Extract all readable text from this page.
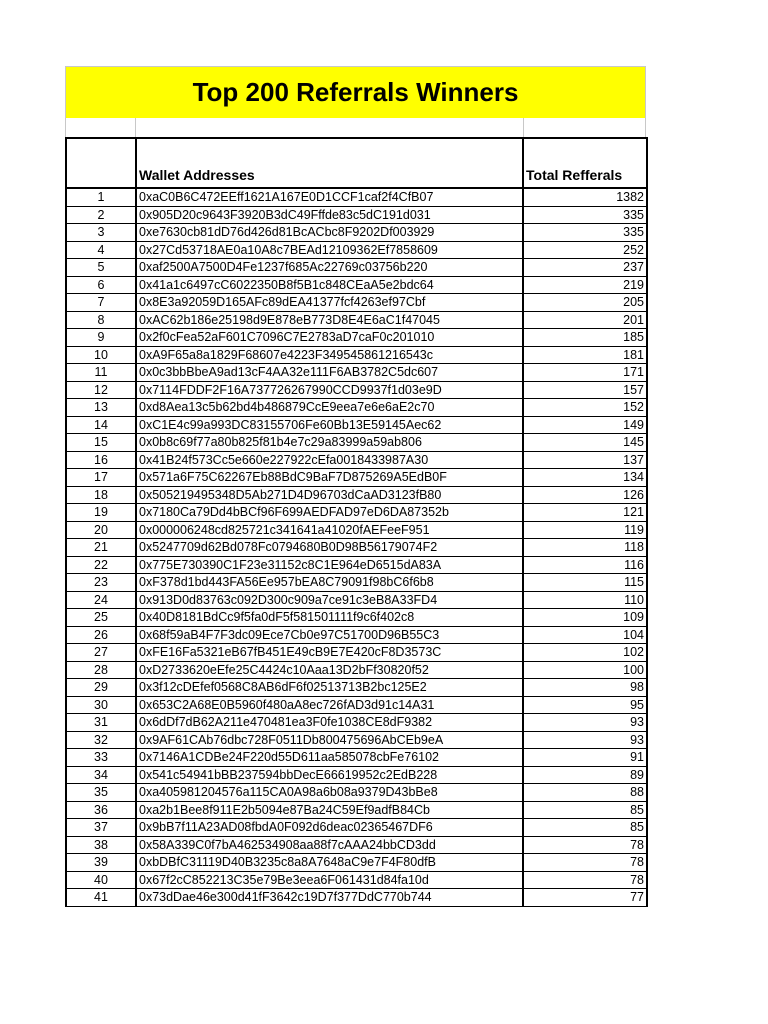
Top 200 Referrals Winners
	Wallet Addresses	Total Refferals
1	0xaC0B6C472EEff1621A167E0D1CCF1caf2f4CfB07	1382
2	0x905D20c9643F3920B3dC49Fffde83c5dC191d031	335
3	0xe7630cb81dD76d426d81BcACbc8F9202Df003929	335
4	0x27Cd53718AE0a10A8c7BEAd12109362Ef7858609	252
5	0xaf2500A7500D4Fe1237f685Ac22769c03756b220	237
6	0x41a1c6497cC6022350B8f5B1c848CEaA5e2bdc64	219
7	0x8E3a92059D165AFc89dEA41377fcf4263ef97Cbf	205
8	0xAC62b186e25198d9E878eB773D8E4E6aC1f47045	201
9	0x2f0cFea52aF601C7096C7E2783aD7caF0c201010	185
10	0xA9F65a8a1829F68607e4223F349545861216543c	181
11	0x0c3bbBbeA9ad13cF4AA32e111F6AB3782C5dc607	171
12	0x7114FDDF2F16A737726267990CCD9937f1d03e9D	157
13	0xd8Aea13c5b62bd4b486879CcE9eea7e6e6aE2c70	152
14	0xC1E4c99a993DC83155706Fe60Bb13E59145Aec62	149
15	0x0b8c69f77a80b825f81b4e7c29a83999a59ab806	145
16	0x41B24f573Cc5e660e227922cEfa0018433987A30	137
17	0x571a6F75C62267Eb88BdC9BaF7D875269A5EdB0F	134
18	0x505219495348D5Ab271D4D96703dCaAD3123fB80	126
19	0x7180Ca79Dd4bBCf96F699AEDFAD97eD6DA87352b	121
20	0x000006248cd825721c341641a41020fAEFeeF951	119
21	0x5247709d62Bd078Fc0794680B0D98B56179074F2	118
22	0x775E730390C1F23e31152c8C1E964eD6515dA83A	116
23	0xF378d1bd443FA56Ee957bEA8C79091f98bC6f6b8	115
24	0x913D0d83763c092D300c909a7ce91c3eB8A33FD4	110
25	0x40D8181BdCc9f5fa0dF5f581501111f9c6f402c8	109
26	0x68f59aB4F7F3dc09Ece7Cb0e97C51700D96B55C3	104
27	0xFE16Fa5321eB67fB451E49cB9E7E420cF8D3573C	102
28	0xD2733620eEfe25C4424c10Aaa13D2bFf30820f52	100
29	0x3f12cDEfef0568C8AB6dF6f02513713B2bc125E2	98
30	0x653C2A68E0B5960f480aA8ec726fAD3d91c14A31	95
31	0x6dDf7dB62A211e470481ea3F0fe1038CE8dF9382	93
32	0x9AF61CAb76dbc728F0511Db800475696AbCEb9eA	93
33	0x7146A1CDBe24F220d55D611aa585078cbFe76102	91
34	0x541c54941bBB237594bbDecE66619952c2EdB228	89
35	0xa405981204576a115CA0A98a6b08a9379D43bBe8	88
36	0xa2b1Bee8f911E2b5094e87Ba24C59Ef9adfB84Cb	85
37	0x9bB7f11A23AD08fbdA0F092d6deac02365467DF6	85
38	0x58A339C0f7bA462534908aa88f7cAAA24bbCD3dd	78
39	0xbDBfC31119D40B3235c8a8A7648aC9e7F4F80dfB	78
40	0x67f2cC852213C35e79Be3eea6F061431d84fa10d	78
41	0x73dDae46e300d41fF3642c19D7f377DdC770b744	77
